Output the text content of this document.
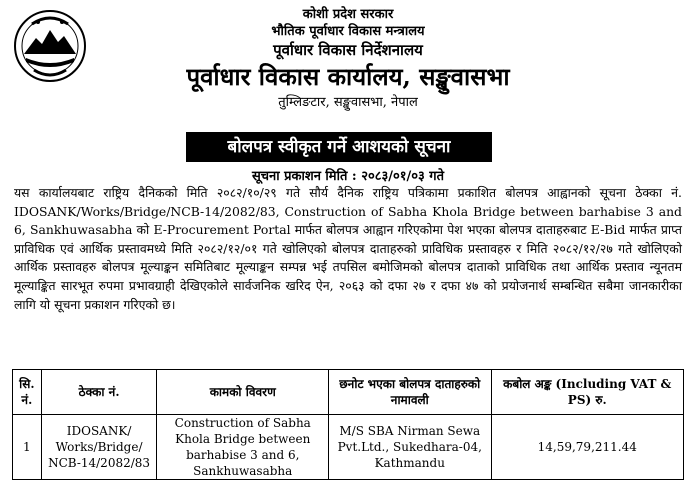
कोशी प्रदेश सरकार
भौतिक पूर्वाधार विकास मन्त्रालय
पूर्वाधार विकास निर्देशनालय
पूर्वाधार विकास कार्यालय, सङ्खुवासभा
तुम्लिङटार, सङ्खुवासभा, नेपाल
बोलपत्र स्वीकृत गर्ने आशयको सूचना
सूचना प्रकाशन मिति : २०८३/०१/०३ गते

यस कार्यालयबाट राष्ट्रिय दैनिकको मिति २०८२/१०/२९ गते सौर्य दैनिक राष्ट्रिय पत्रिकामा प्रकाशित बोलपत्र आह्वानको सूचना ठेक्का नं. IDOSANK/Works/Bridge/NCB-14/2082/83, Construction of Sabha Khola Bridge between barhabise 3 and 6, Sankhuwasabha को E-Procurement Portal मार्फत बोलपत्र आह्वान गरिएकोमा पेश भएका बोलपत्र दाताहरुबाट E-Bid मार्फत प्राप्त प्राविधिक एवं आर्थिक प्रस्तावमध्ये मिति २०८२/१२/०१ गते खोलिएको बोलपत्र दाताहरुको प्राविधिक प्रस्तावहरु र मिति २०८२/१२/२७ गते खोलिएको आर्थिक प्रस्तावहरु बोलपत्र मूल्याङ्कन समितिबाट मूल्याङ्कन सम्पन्न भई तपसिल बमोजिमको बोलपत्र दाताको प्राविधिक तथा आर्थिक प्रस्ताव न्यूनतम मूल्याङ्कित सारभूत रुपमा प्रभावग्राही देखिएकोले सार्वजनिक खरिद ऐन, २०६३ को दफा २७ र दफा ४७ को प्रयोजनार्थ सम्बन्धित सबैमा जानकारीका लागि यो सूचना प्रकाशन गरिएको छ।

सि. नं.	ठेक्का नं.	कामको विवरण	छनोट भएका बोलपत्र दाताहरुको नामावली	कबोल अङ्क (Including VAT & PS) रु.
1	IDOSANK/ Works/Bridge/ NCB-14/2082/83	Construction of Sabha Khola Bridge between barhabise 3 and 6, Sankhuwasabha	M/S SBA Nirman Sewa Pvt.Ltd., Sukedhara-04, Kathmandu	14,59,79,211.44
